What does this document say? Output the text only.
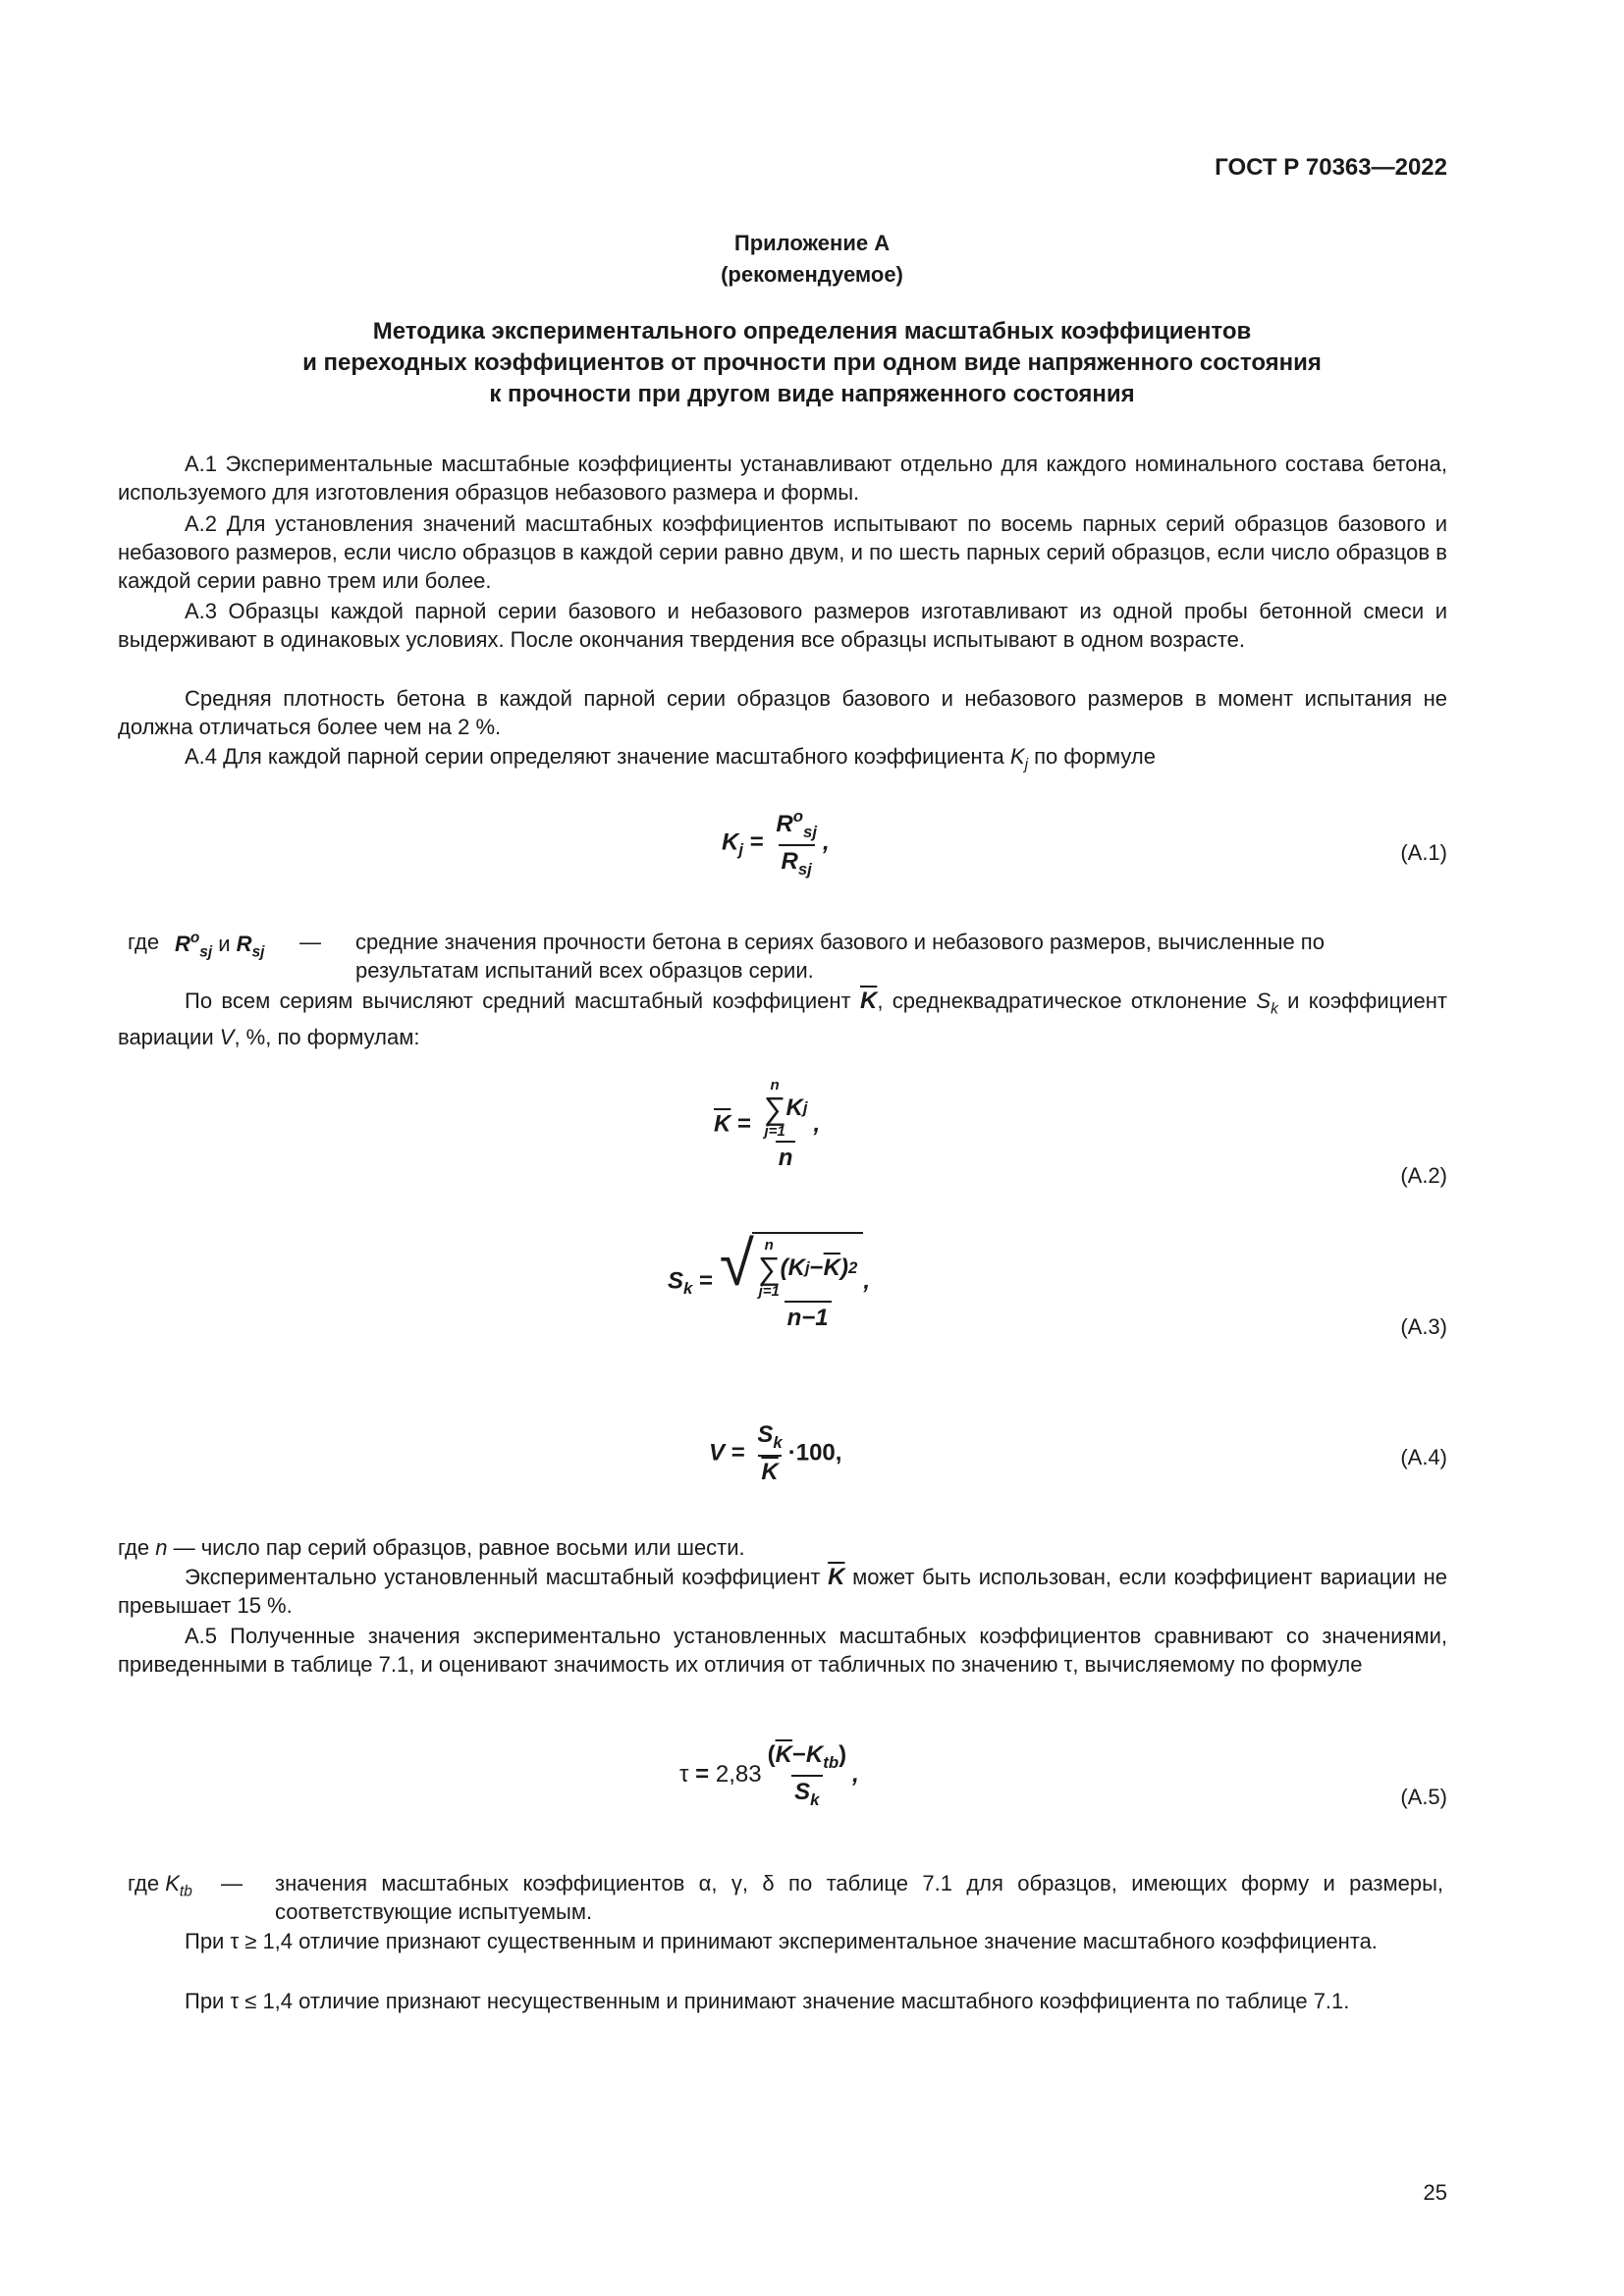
ГОСТ Р 70363—2022
Приложение А
(рекомендуемое)
Методика экспериментального определения масштабных коэффициентов
и переходных коэффициентов от прочности при одном виде напряженного состояния
к прочности при другом виде напряженного состояния
А.1 Экспериментальные масштабные коэффициенты устанавливают отдельно для каждого номинального состава бетона, используемого для изготовления образцов небазового размера и формы.
А.2 Для установления значений масштабных коэффициентов испытывают по восемь парных серий образцов базового и небазового размеров, если число образцов в каждой серии равно двум, и по шесть парных серий образцов, если число образцов в каждой серии равно трем или более.
А.3 Образцы каждой парной серии базового и небазового размеров изготавливают из одной пробы бетонной смеси и выдерживают в одинаковых условиях. После окончания твердения все образцы испытывают в одном возрасте.
Средняя плотность бетона в каждой парной серии образцов базового и небазового размеров в момент испытания не должна отличаться более чем на 2 %.
А.4 Для каждой парной серии определяют значение масштабного коэффициента $K_j$ по формуле
$K_j = \frac{R^o_{sj}}{R_{sj}}$ ,	(А.1)
где $R^o_{sj}$ и $R_{sj}$ — средние значения прочности бетона в сериях базового и небазового размеров, вычисленные по результатам испытаний всех образцов серии.
По всем сериям вычисляют средний масштабный коэффициент $\overline{K}$, среднеквадратическое отклонение $S_k$ и коэффициент вариации V, %, по формулам:
$\overline{K} = n$
∑
j=1
K j
n ,
(А.2)
$S_k$ = √ n
∑
j=1
(K $j - \overline{K}$ ) 2
n−1
,
(А.3)
$V = \frac{S_k}{K} \cdot 100$,	(А.4)
где n — число пар серий образцов, равное восьми или шести.
Экспериментально установленный масштабный коэффициент $\overline{K}$ может быть использован, если коэффициент вариации не превышает 15 %.
А.5 Полученные значения экспериментально установленных масштабных коэффициентов сравнивают со значениями, приведенными в таблице 7.1, и оценивают значимость их отличия от табличных по значению τ, вычисляемому по формуле
$\tau = 2,83 \frac{(\overline{K}-K_{tb})}{S_k}$ ,
(А.5)
где $K_{tb}$ — значения масштабных коэффициентов α, γ, δ по таблице 7.1 для образцов, имеющих форму и размеры, соответствующие испытуемым.
При τ ≥ 1,4 отличие признают существенным и принимают экспериментальное значение масштабного коэффициента.
При τ ≤ 1,4 отличие признают несущественным и принимают значение масштабного коэффициента по таблице 7.1.
25
